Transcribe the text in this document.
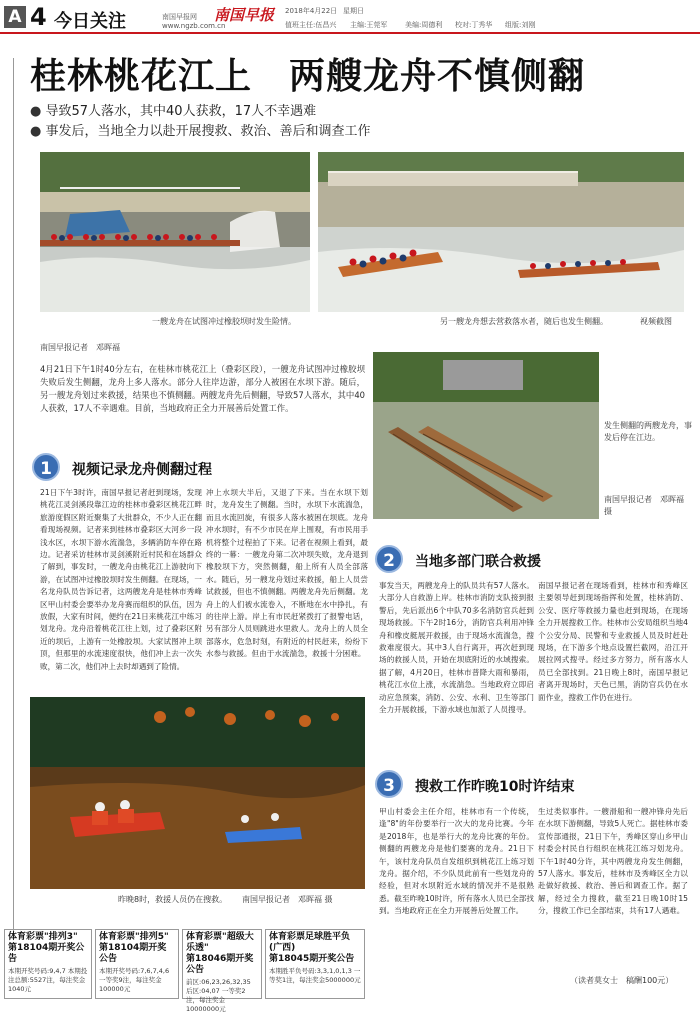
A 4 今日关注	南国早报网
www.ngzb.com.cn
南国早报 2018年4月22日 星期日
值班主任:伍昌兴 主编:王莞军	美编:周德利 校对:丁秀华 组版:刘刚
桂林桃花江上　两艘龙舟不慎侧翻
● 导致57人落水，其中40人获救，17人不幸遇难
● 事发后，当地全力以赴开展搜救、救治、善后和调查工作
一艘龙舟在试图冲过橡胶坝时发生险情。	另一艘龙舟想去营救落水者，随后也发生侧翻。	视频截图
南国早报记者　邓晖福
4月21日下午1时40分左右，在桂林市桃花江上（叠彩区段），一艘龙舟试图冲过橡胶坝失败后发生侧翻，龙舟上多人落水。部分人往岸边游，部分人被困在水坝下游。随后，另一艘龙舟划过来救援，结果也不慎侧翻。两艘龙舟先后侧翻，导致57人落水，其中40人获救，17人不幸遇难。目前，当地政府正全力开展善后处置工作。
发生侧翻的两艘龙舟，事发后停在江边。
南国早报记者　邓晖福 摄
1	视频记录龙舟侧翻过程
21日下午3时许，南国早报记者赶到现场，发现桃花江灵剑溪段靠江边的桂林市叠彩区桃花江畔旅游度假区附近聚集了大批群众，不少人正在翻看现场视频。记者来到桂林市叠彩区大河乡一段浅水区，水坝下游水流湍急，多辆消防车停在路边。记者采访桂林市灵剑溪附近村民和在场群众了解到，事发时，一艘龙舟由桃花江上游驶向下游，在试图冲过橡胶坝时发生侧翻。在现场，一名龙舟队员告诉记者，这两艘龙舟是桂林市秀峰区甲山村委会要举办龙舟赛而组织的队伍，因为放假，大家有时间，便约在21日来桃花江中练习划龙舟。龙舟沿着桃花江往上划，过了叠彩区附近的坝后，上游有一处橡胶坝。大家试图冲上坝顶，但那里的水流速度很快，他们冲上去一次失败，第二次，他们冲上去时却遇到了险情。
冲上水坝大半后，又退了下来。当在水坝下划时，龙舟发生了侧翻。当时，水坝下水流湍急，而且水流回旋，有很多人落水被困在坝底。龙舟冲水坝时，有不少市民在岸上围观，有市民用手机将整个过程拍了下来。记者在视频上看到，最终的一幕：一艘龙舟第二次冲坝失败，龙舟退到橡胶坝下方，突然侧翻，船上所有人员全部落水。随后，另一艘龙舟划过来救援，船上人员尝试救援，但也不慎侧翻。两艘龙舟先后侧翻。龙舟上的人们被水流卷入，不断地在水中挣扎，有的往岸上游。岸上有市民赶紧拨打了报警电话，另有部分人员则跳进水里救人。龙舟上的人员全部落水，危急时刻，有附近的村民赶来，纷纷下水参与救援。但由于水流湍急，救援十分困难。
2	当地多部门联合救援
事发当天，两艘龙舟上的队员共有57人落水。大部分人自救游上岸。桂林市消防支队接到报警后，先后派出6个中队70多名消防官兵赶到现场救援。下午2时16分，消防官兵利用冲锋舟和橡皮艇展开救援，由于现场水流湍急，搜救难度很大。其中3人自行离开，再次赶到现场的救援人员，开始在坝底附近的水域搜索。据了解，4月20日，桂林市普降大雨和暴雨，桃花江水位上涨，水流湍急。当地政府立即启动应急预案，消防、公安、水利、卫生等部门全力开展救援，下游水域也加派了人员搜寻。
南国早报记者在现场看到，桂林市和秀峰区主要领导赶到现场指挥和处置，桂林消防、公安、医疗等救援力量也赶到现场，在现场全力开展搜救工作。桂林市公安局组织当地4个公安分局、民警和专业救援人员及时赶赴现场，在下游多个地点设置拦截网，沿江开展拉网式搜寻。经过多方努力，所有落水人员已全部找到。21日晚上8时，南国早报记者离开现场时，天色已黑，消防官兵仍在水面作业，搜救工作仍在进行。
昨晚8时，救援人员仍在搜救。 南国早报记者　邓晖福 摄
3	搜救工作昨晚10时许结束
甲山村委会主任介绍，桂林市有一个传统，逢"8"的年份要举行一次大的龙舟比赛。今年是2018年，也是举行大的龙舟比赛的年份。侧翻的两艘龙舟是他们要赛的龙舟。21日下午，该村龙舟队员自发组织到桃花江上练习划龙舟。据介绍，不少队员此前有一些划龙舟的经验，但对水坝附近水域的情况并不是很熟悉。截至昨晚10时许，所有落水人员已全部找到。当地政府正在全力开展善后处置工作。
生过类似事件。一艘滑船和一艘冲锋舟先后在水坝下游侧翻，导致5人死亡。据桂林市委宣传部通报，21日下午，秀峰区穿山乡甲山村委会村民自行组织在桃花江练习划龙舟。下午1时40分许，其中两艘龙舟发生侧翻，57人落水。事发后，桂林市及秀峰区全力以赴做好救援、救治、善后和调查工作。据了解，经过全力搜救，截至21日晚10时15分，搜救工作已全部结束，共有17人遇难。
（读者莫女士　稿酬100元）
体育彩票"排列3"
第18104期开奖公告
本期开奖号码:9,4,7 本期投注总额:5527注，每注奖金1040元
体育彩票"排列5"
第18104期开奖公告
本期开奖号码:7,6,7,4,6 一等奖9注，每注奖金100000元
体育彩票"超级大乐透"
第18046期开奖公告
前区:06,23,26,32,35 后区:04,07 一等奖2注，每注奖金10000000元
体育彩票足球胜平负(广西)
第18045期开奖公告
本期胜平负号码:3,3,1,0,1,3 一等奖1注，每注奖金5000000元
